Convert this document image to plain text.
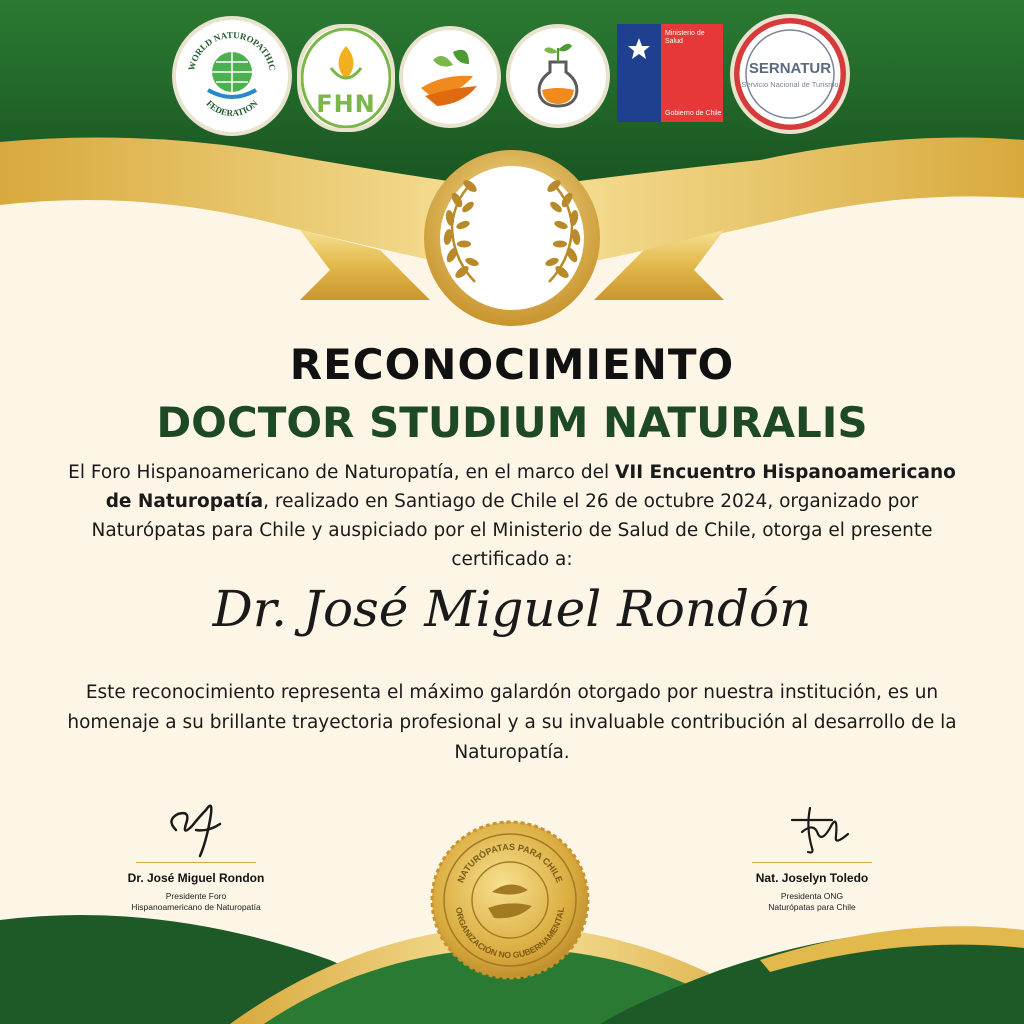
WORLD NATUROPATHIC
FEDERATION	FHN
Ministerio de Salud
Gobierno de Chile
SERNATUR
Servicio Nacional de Turismo
RECONOCIMIENTO
DOCTOR STUDIUM NATURALIS
El Foro Hispanoamericano de Naturopatía, en el marco del VII Encuentro Hispanoamericano de Naturopatía, realizado en Santiago de Chile el 26 de octubre 2024, organizado por Naturópatas para Chile y auspiciado por el Ministerio de Salud de Chile, otorga el presente certificado a:
Dr. José Miguel Rondón
Este reconocimiento representa el máximo galardón otorgado por nuestra institución, es un homenaje a su brillante trayectoria profesional y a su invaluable contribución al desarrollo de la Naturopatía.
Dr. José Miguel Rondon
Presidente Foro
Hispanoamericano de Naturopatía
Nat. Joselyn Toledo
Presidenta ONG
Naturópatas para Chile
NATURÓPATAS PARA CHILE
ORGANIZACIÓN NO GUBERNAMENTAL
